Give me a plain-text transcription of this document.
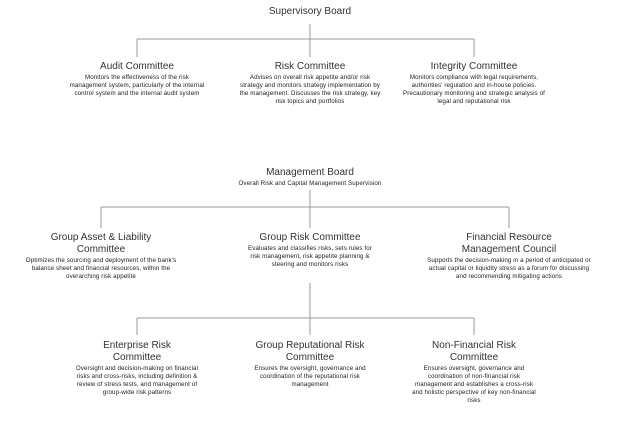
Supervisory Board
Audit Committee
Monitors the effectiveness of the risk management system, particularly of the internal control system and the internal audit system
Risk Committee
Advises on overall risk appetite and/or risk strategy and monitors strategy implementation by the management. Discusses the risk strategy, key risk topics and portfolios
Integrity Committee
Monitors compliance with legal requirements, authorities' regulation and in-house policies. Precautionary monitoring and strategic analysis of legal and reputational risk
Management Board
Overall Risk and Capital Management Supervision
Group Asset & Liability Committee
Optimizes the sourcing and deployment of the bank's balance sheet and financial resources, within the overarching risk appetite
Group Risk Committee
Evaluates and classifies risks, sets rules for risk management, risk appetite planning & steering and monitors risks
Financial Resource Management Council
Supports the decision-making in a period of anticipated or actual capital or liquidity stress as a forum for discussing and recommending mitigating actions
Enterprise Risk Committee
Oversight and decision-making on financial risks and cross-risks, including definition & review of stress tests, and management of group-wide risk patterns
Group Reputational Risk Committee
Ensures the oversight, governance and coordination of the reputational risk management
Non-Financial Risk Committee
Ensures oversight, governance and coordination of non-financial risk management and establishes a cross-risk and holistic perspective of key non-financial risks
